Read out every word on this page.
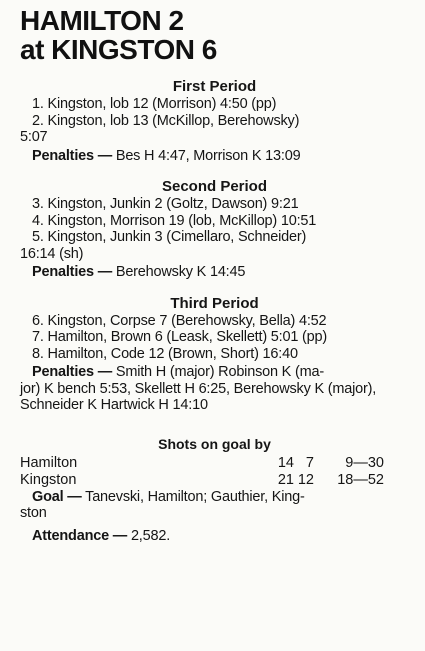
HAMILTON 2
at KINGSTON 6
First Period
1. Kingston, lob 12 (Morrison) 4:50 (pp)
2. Kingston, lob 13 (McKillop, Berehowsky)
5:07
Penalties — Bes H 4:47, Morrison K 13:09
Second Period
3. Kingston, Junkin 2 (Goltz, Dawson) 9:21
4. Kingston, Morrison 19 (lob, McKillop) 10:51
5. Kingston, Junkin 3 (Cimellaro, Schneider)
16:14 (sh)
Penalties — Berehowsky K 14:45
Third Period
6. Kingston, Corpse 7 (Berehowsky, Bella) 4:52
7. Hamilton, Brown 6 (Leask, Skellett) 5:01 (pp)
8. Hamilton, Code 12 (Brown, Short) 16:40
Penalties — Smith H (major) Robinson K (ma-
jor) K bench 5:53, Skellett H 6:25, Berehowsky K (major), Schneider K Hartwick H 14:10
Shots on goal by
Hamilton	14 7	9—30
Kingston	21 12	18—52
Goal — Tanevski, Hamilton; Gauthier, King-
ston
Attendance — 2,582.
